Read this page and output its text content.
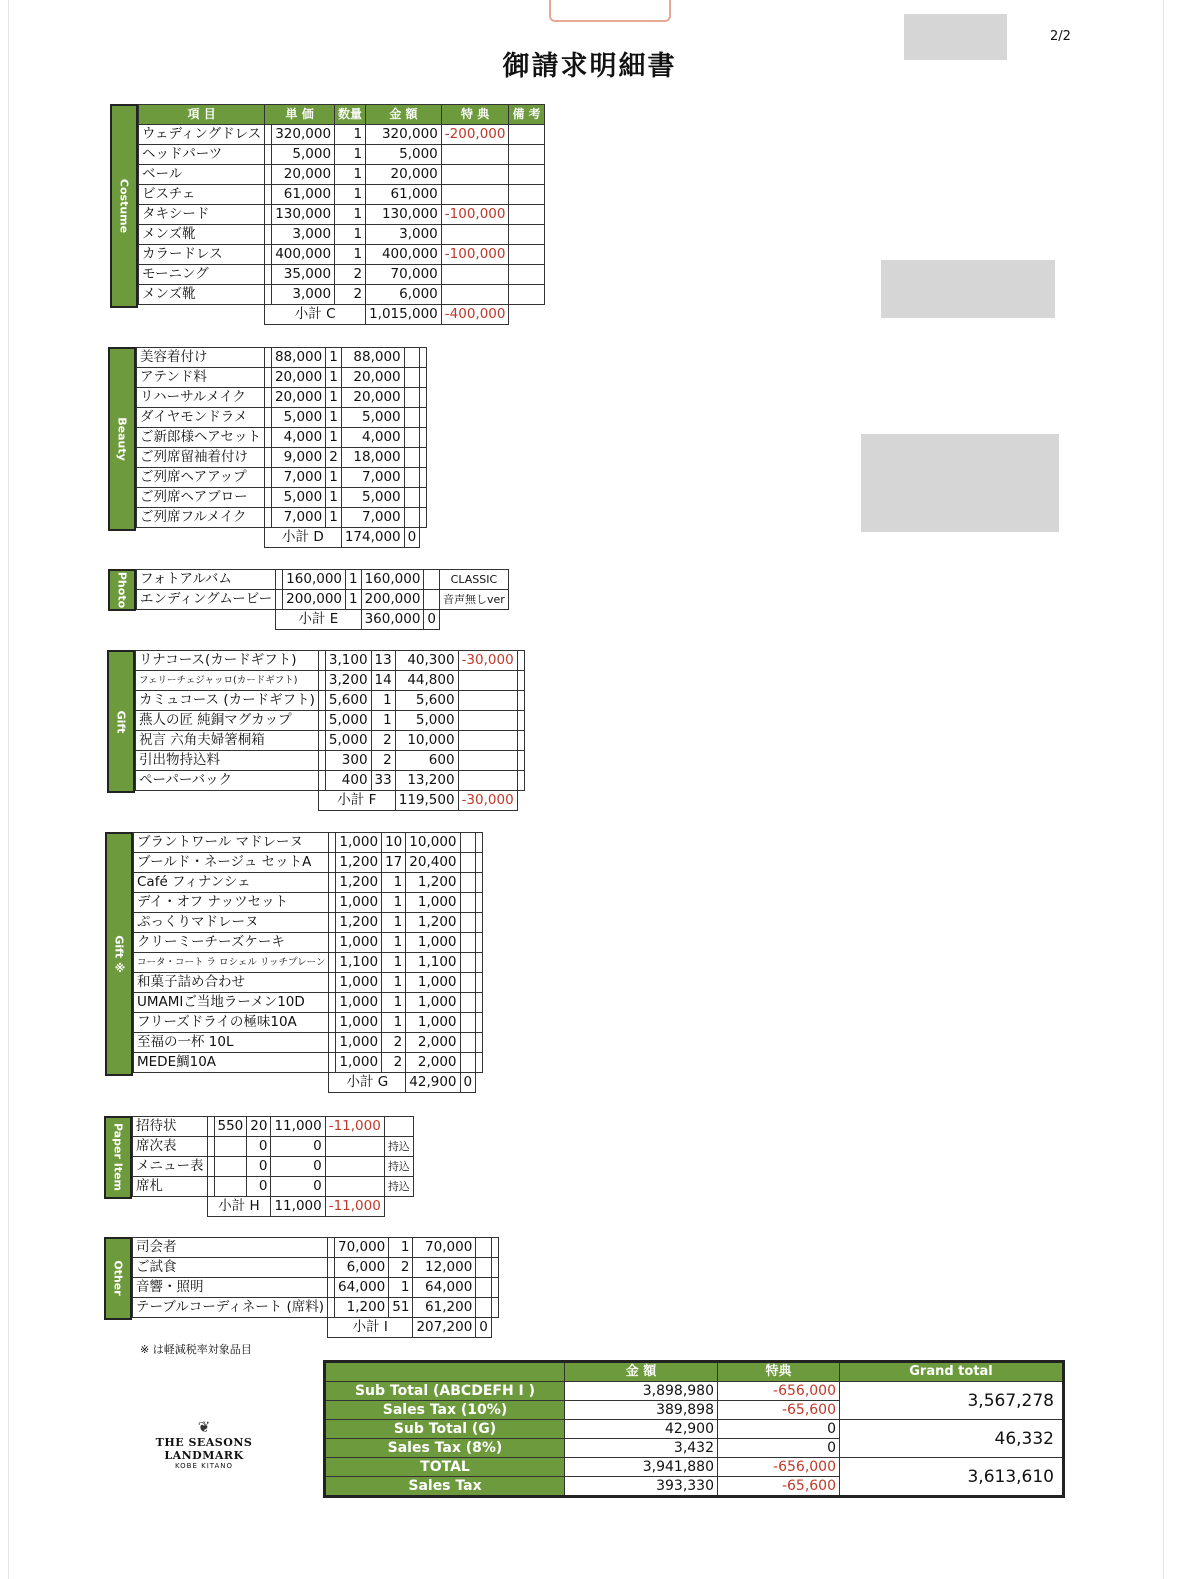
2/2
御請求明細書
Costume
項 目	単 価		数量	金 額	特 典	備 考
ウェディングドレス		320,000	1	320,000	-200,000	
ヘッドパーツ		5,000	1	5,000		
ベール		20,000	1	20,000		
ビスチェ		61,000	1	61,000		
タキシード		130,000	1	130,000	-100,000	
メンズ靴		3,000	1	3,000		
カラードレス		400,000	1	400,000	-100,000	
モーニング		35,000	2	70,000		
メンズ靴		3,000	2	6,000		
	小計 C			1,015,000	-400,000	
Beauty
美容着付け		88,000	1	88,000		
アテンド料		20,000	1	20,000		
リハーサルメイク		20,000	1	20,000		
ダイヤモンドラメ		5,000	1	5,000		
ご新郎様ヘアセット		4,000	1	4,000		
ご列席留袖着付け		9,000	2	18,000		
ご列席ヘアアップ		7,000	1	7,000		
ご列席ヘアブロー		5,000	1	5,000		
ご列席フルメイク		7,000	1	7,000		
	小計 D			174,000	0	
Photo フォトアルバム		160,000	1	160,000		CLASSIC
エンディングムービー		200,000	1	200,000		音声無しver
	小計 E			360,000	0	
Gift
リナコース(カードギフト)		3,100	13	40,300	-30,000	
フェリーチェジャッロ(カードギフト)		3,200	14	44,800		
カミュコース (カードギフト)		5,600	1	5,600		
燕人の匠 純銅マグカップ		5,000	1	5,000		
祝言 六角夫婦箸桐箱		5,000	2	10,000		
引出物持込料		300	2	600		
ペーパーバック		400	33	13,200		
	小計 F			119,500	-30,000	
Gift ※
ブラントワール マドレーヌ		1,000	10	10,000		
ブールド・ネージュ セットA		1,200	17	20,400		
Café フィナンシェ		1,200	1	1,200		
デイ・オフ ナッツセット		1,000	1	1,000		
ぷっくりマドレーヌ		1,200	1	1,200		
クリーミーチーズケーキ		1,000	1	1,000		
コータ・コート ラ ロシェル リッチプレーン		1,100	1	1,100		
和菓子詰め合わせ		1,000	1	1,000		
UMAMIご当地ラーメン10D		1,000	1	1,000		
フリーズドライの極味10A		1,000	1	1,000		
至福の一杯 10L		1,000	2	2,000		
MEDE鯛10A		1,000	2	2,000		
	小計 G			42,900	0	
Paper Item 招待状		550	20	11,000	-11,000	
席次表			0	0		持込
メニュー表			0	0		持込
席札			0	0		持込
	小計 H			11,000	-11,000	
Other
司会者		70,000	1	70,000		
ご試食		6,000	2	12,000		
音響・照明		64,000	1	64,000		
テーブルコーディネート (席料)		1,200	51	61,200		
	小計 I			207,200	0	
※ は軽減税率対象品目
❦
THE SEASONS LANDMARK
KOBE KITANO
	金 額	特典	Grand total
Sub Total (ABCDEFH I )	3,898,980	-656,000	3,567,278
Sales Tax (10%)	389,898	-65,600	
Sub Total (G)	42,900	0	46,332
Sales Tax (8%)	3,432	0	
TOTAL	3,941,880	-656,000	3,613,610
Sales Tax	393,330	-65,600	
